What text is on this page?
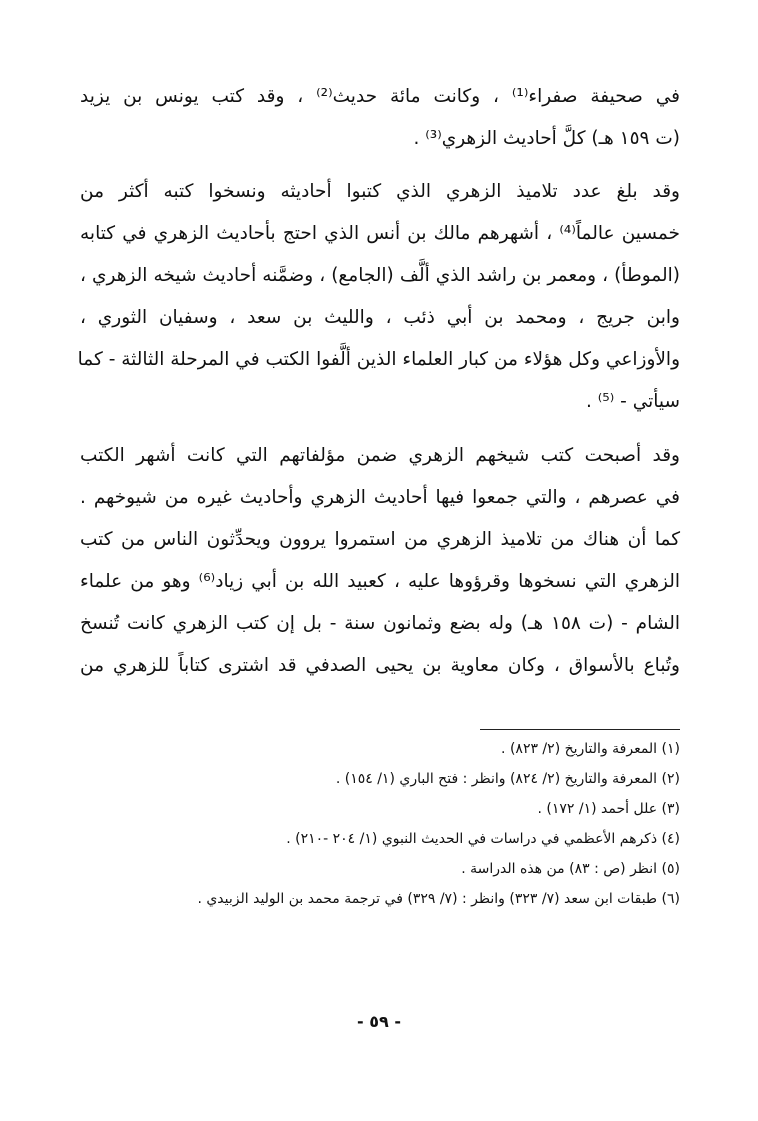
في صحيفة صفراء⁽¹⁾ ، وكانت مائة حديث⁽²⁾ ، وقد كتب يونس بن يزيد
(ت ١٥٩ هـ) كلَّ أحاديث الزهري⁽³⁾ .
وقد بلغ عدد تلاميذ الزهري الذي كتبوا أحاديثه ونسخوا كتبه أكثر من
خمسين عالماً⁽⁴⁾ ، أشهرهم مالك بن أنس الذي احتج بأحاديث الزهري في كتابه
(الموطأ) ، ومعمر بن راشد الذي ألَّف (الجامع) ، وضمَّنه أحاديث شيخه الزهري ،
وابن جريج ، ومحمد بن أبي ذئب ، والليث بن سعد ، وسفيان الثوري ،
والأوزاعي وكل هؤلاء من كبار العلماء الذين ألَّفوا الكتب في المرحلة الثالثة - كما
سيأتي - ⁽⁵⁾ .
وقد أصبحت كتب شيخهم الزهري ضمن مؤلفاتهم التي كانت أشهر الكتب
في عصرهم ، والتي جمعوا فيها أحاديث الزهري وأحاديث غيره من شيوخهم .
كما أن هناك من تلاميذ الزهري من استمروا يروون ويحدِّثون الناس من كتب
الزهري التي نسخوها وقرؤوها عليه ، كعبيد الله بن أبي زياد⁽⁶⁾ وهو من علماء
الشام - (ت ١٥٨ هـ) وله بضع وثمانون سنة - بل إن كتب الزهري كانت تُنسخ
وتُباع بالأسواق ، وكان معاوية بن يحيى الصدفي قد اشترى كتاباً للزهري من
(١) المعرفة والتاريخ (٢/ ٨٢٣) .
(٢) المعرفة والتاريخ (٢/ ٨٢٤) وانظر : فتح الباري (١/ ١٥٤) .
(٣) علل أحمد (١/ ١٧٢) .
(٤) ذكرهم الأعظمي في دراسات في الحديث النبوي (١/ ٢٠٤ -٢١٠) .
(٥) انظر (ص : ٨٣) من هذه الدراسة .
(٦) طبقات ابن سعد (٧/ ٣٢٣) وانظر : (٧/ ٣٢٩) في ترجمة محمد بن الوليد الزبيدي .
- ٥٩ -
